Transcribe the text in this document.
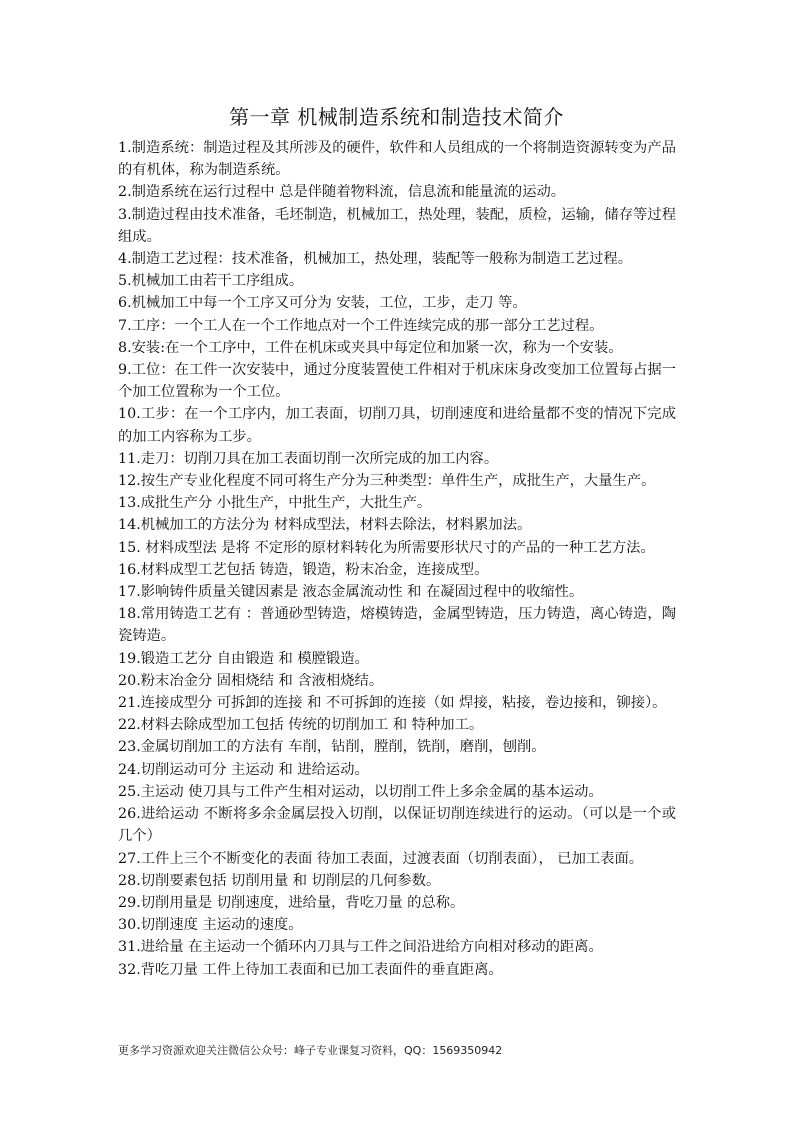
第一章 机械制造系统和制造技术简介

1.制造系统：制造过程及其所涉及的硬件，软件和人员组成的一个将制造资源转变为产品的有机体，称为制造系统。

2.制造系统在运行过程中 总是伴随着物料流，信息流和能量流的运动。

3.制造过程由技术准备，毛坯制造，机械加工，热处理，装配，质检，运输，储存等过程组成。

4.制造工艺过程：技术准备，机械加工，热处理，装配等一般称为制造工艺过程。

5.机械加工由若干工序组成。

6.机械加工中每一个工序又可分为 安装，工位，工步，走刀 等。

7.工序：一个工人在一个工作地点对一个工件连续完成的那一部分工艺过程。

8.安装:在一个工序中，工件在机床或夹具中每定位和加紧一次，称为一个安装。

9.工位：在工件一次安装中，通过分度装置使工件相对于机床床身改变加工位置每占据一个加工位置称为一个工位。

10.工步：在一个工序内，加工表面，切削刀具，切削速度和进给量都不变的情况下完成的加工内容称为工步。

11.走刀：切削刀具在加工表面切削一次所完成的加工内容。

12.按生产专业化程度不同可将生产分为三种类型：单件生产，成批生产，大量生产。

13.成批生产分 小批生产，中批生产，大批生产。

14.机械加工的方法分为 材料成型法，材料去除法，材料累加法。

15. 材料成型法 是将 不定形的原材料转化为所需要形状尺寸的产品的一种工艺方法。

16.材料成型工艺包括 铸造，锻造，粉末冶金，连接成型。

17.影响铸件质量关键因素是 液态金属流动性 和 在凝固过程中的收缩性。

18.常用铸造工艺有 ：普通砂型铸造，熔模铸造，金属型铸造，压力铸造，离心铸造，陶瓷铸造。

19.锻造工艺分 自由锻造 和 模膛锻造。

20.粉末冶金分 固相烧结 和 含液相烧结。

21.连接成型分 可拆卸的连接 和 不可拆卸的连接（如 焊接，粘接，卷边接和，铆接）。

22.材料去除成型加工包括 传统的切削加工 和 特种加工。

23.金属切削加工的方法有 车削，钻削，膛削，铣削，磨削，刨削。

24.切削运动可分 主运动 和 进给运动。

25.主运动 使刀具与工件产生相对运动，以切削工件上多余金属的基本运动。

26.进给运动 不断将多余金属层投入切削，以保证切削连续进行的运动。（可以是一个或几个）

27.工件上三个不断变化的表面 待加工表面，过渡表面（切削表面）， 已加工表面。

28.切削要素包括 切削用量 和 切削层的几何参数。

29.切削用量是 切削速度，进给量，背吃刀量 的总称。

30.切削速度 主运动的速度。

31.进给量 在主运动一个循环内刀具与工件之间沿进给方向相对移动的距离。

32.背吃刀量 工件上待加工表面和已加工表面件的垂直距离。

更多学习资源欢迎关注微信公众号：峰子专业课复习资料，QQ：1569350942
